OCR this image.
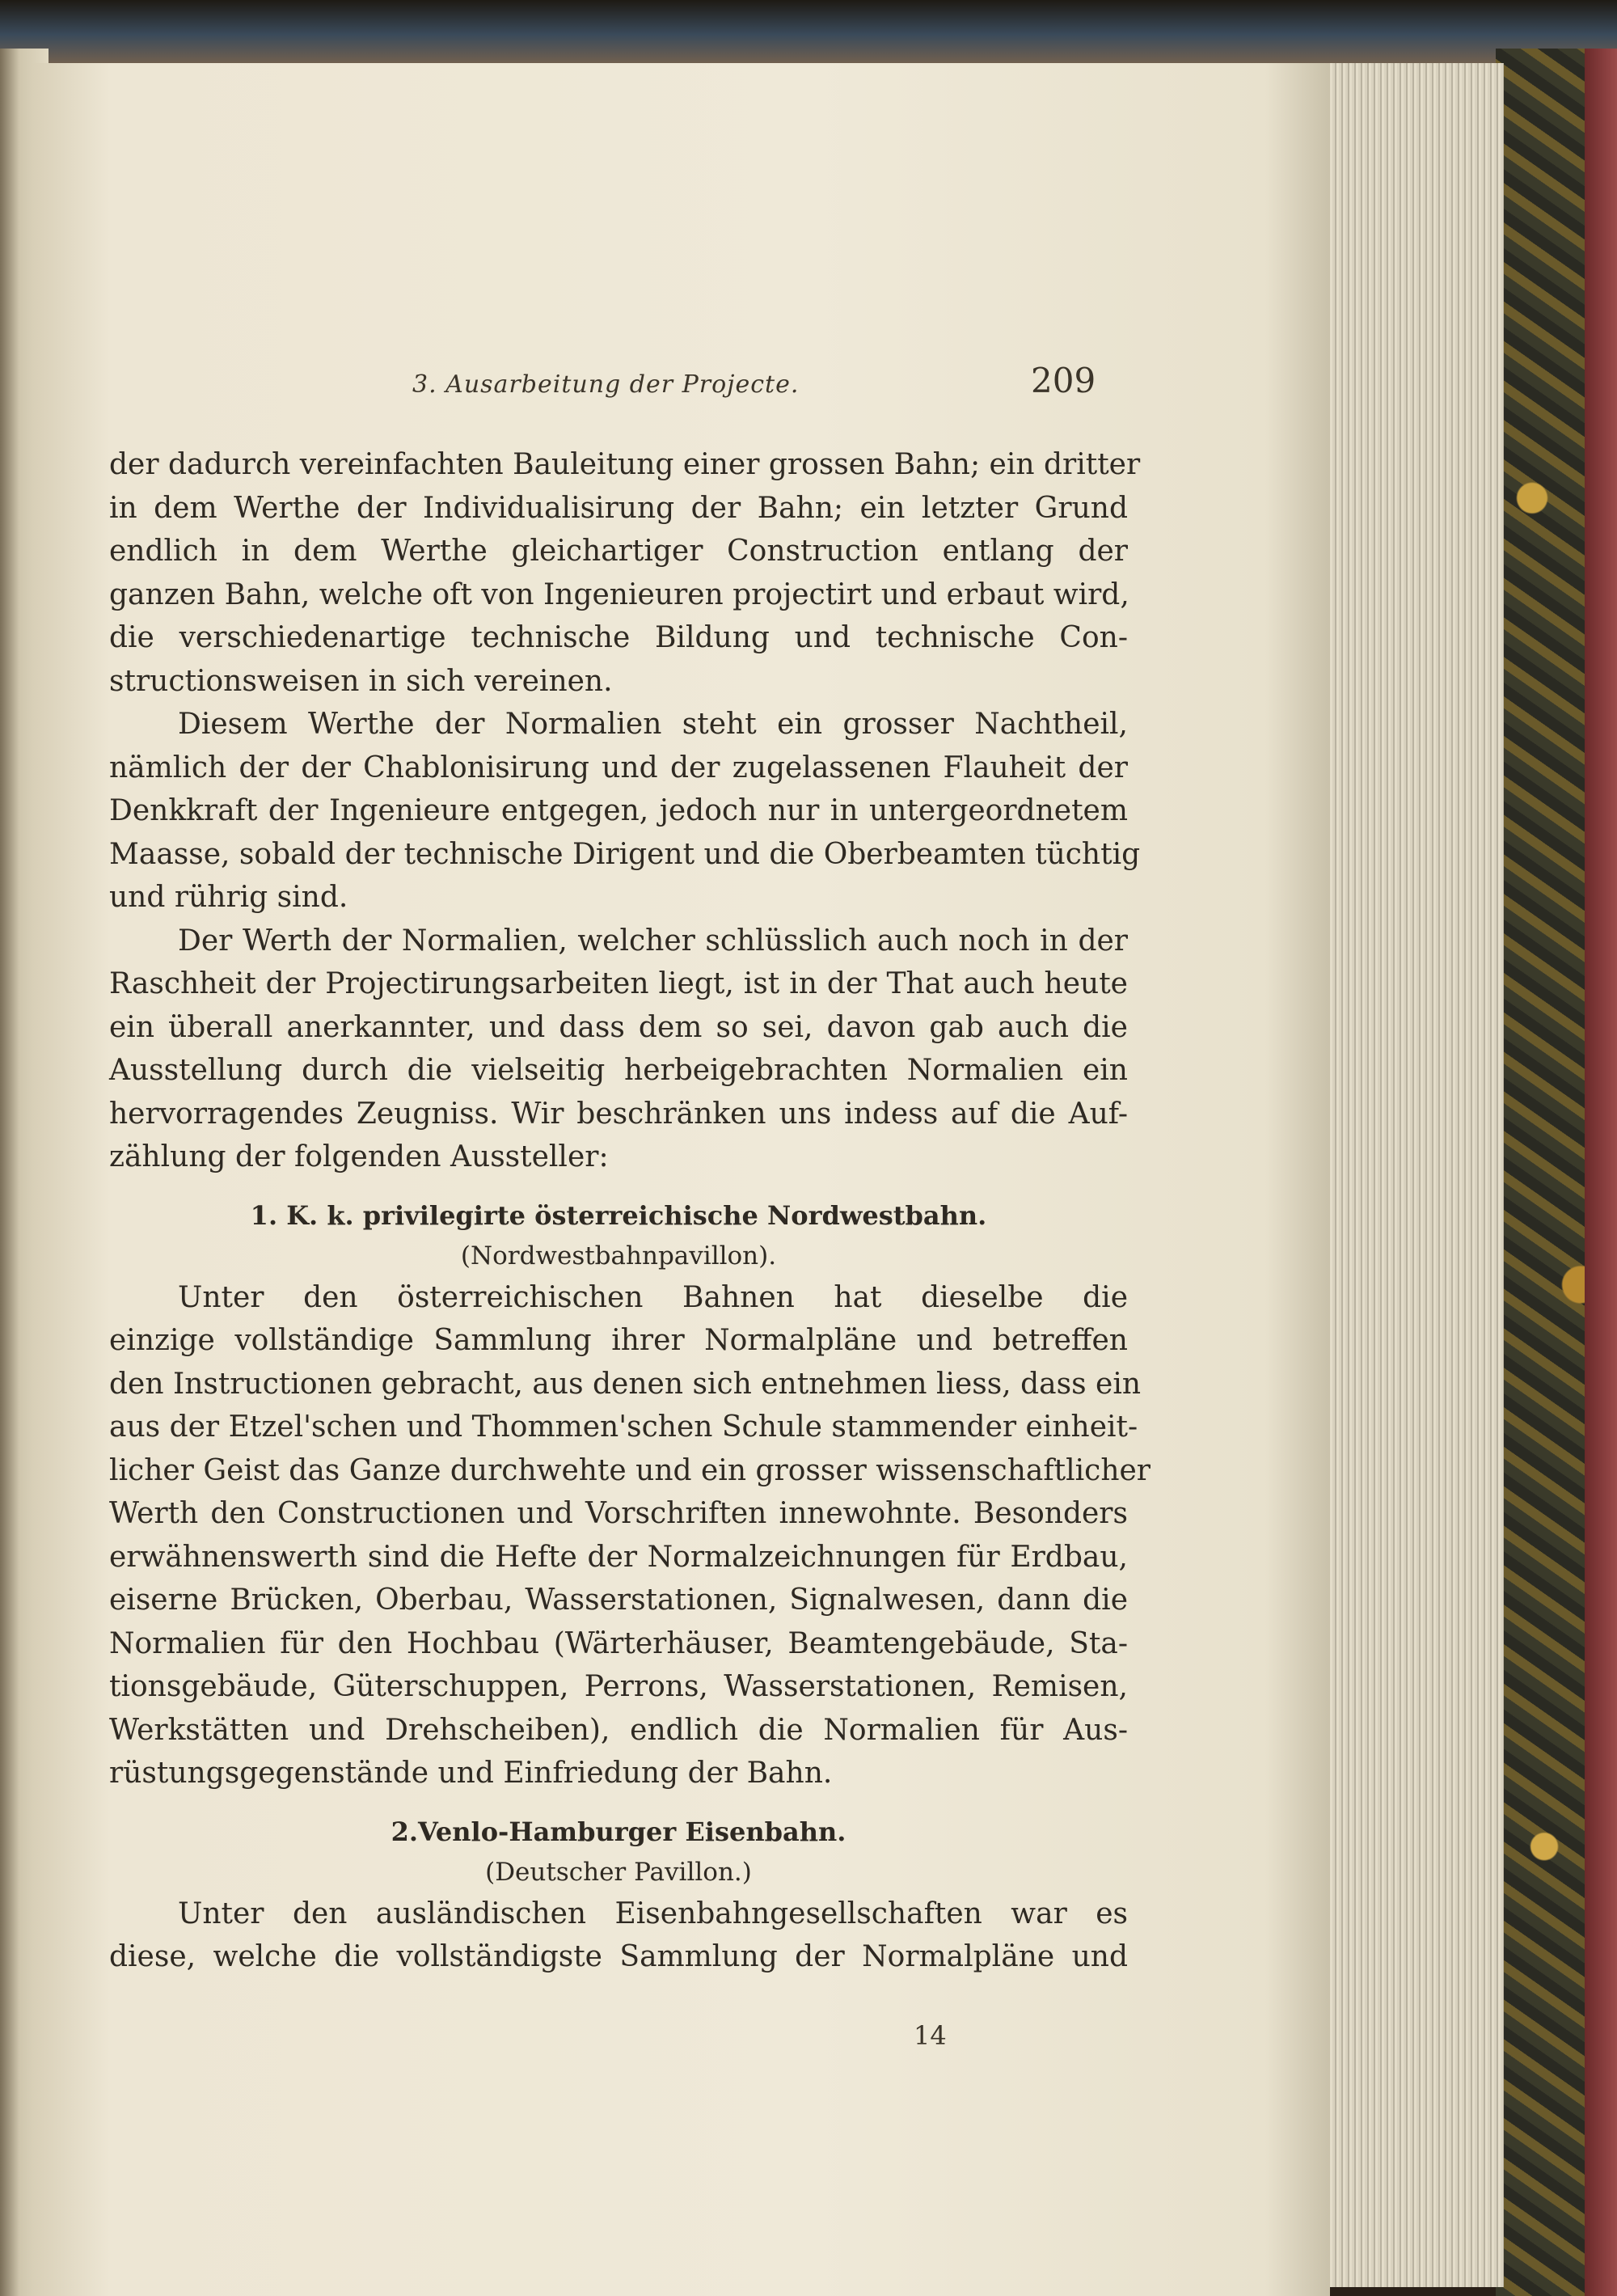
3. Ausarbeitung der Projecte.	209
der dadurch vereinfachten Bauleitung einer grossen Bahn; ein dritter
in dem Werthe der Individualisirung der Bahn; ein letzter Grund
endlich in dem Werthe gleichartiger Construction entlang der
ganzen Bahn, welche oft von Ingenieuren projectirt und erbaut wird,
die verschiedenartige technische Bildung und technische Con-
structionsweisen in sich vereinen.
Diesem Werthe der Normalien steht ein grosser Nachtheil,
nämlich der der Chablonisirung und der zugelassenen Flauheit der
Denkkraft der Ingenieure entgegen, jedoch nur in untergeordnetem
Maasse, sobald der technische Dirigent und die Oberbeamten tüchtig
und rührig sind.
Der Werth der Normalien, welcher schlüsslich auch noch in der
Raschheit der Projectirungsarbeiten liegt, ist in der That auch heute
ein überall anerkannter, und dass dem so sei, davon gab auch die
Ausstellung durch die vielseitig herbeigebrachten Normalien ein
hervorragendes Zeugniss. Wir beschränken uns indess auf die Auf-
zählung der folgenden Aussteller:
1. K. k. privilegirte österreichische Nordwestbahn.
(Nordwestbahnpavillon).
Unter den österreichischen Bahnen hat dieselbe die
einzige vollständige Sammlung ihrer Normalpläne und betreffen
den Instructionen gebracht, aus denen sich entnehmen liess, dass ein
aus der Etzel'schen und Thommen'schen Schule stammender einheit-
licher Geist das Ganze durchwehte und ein grosser wissenschaftlicher
Werth den Constructionen und Vorschriften innewohnte. Besonders
erwähnenswerth sind die Hefte der Normalzeichnungen für Erdbau,
eiserne Brücken, Oberbau, Wasserstationen, Signalwesen, dann die
Normalien für den Hochbau (Wärterhäuser, Beamtengebäude, Sta-
tionsgebäude, Güterschuppen, Perrons, Wasserstationen, Remisen,
Werkstätten und Drehscheiben), endlich die Normalien für Aus-
rüstungsgegenstände und Einfriedung der Bahn.
2.Venlo-Hamburger Eisenbahn.
(Deutscher Pavillon.)
Unter den ausländischen Eisenbahngesellschaften war es
diese, welche die vollständigste Sammlung der Normalpläne und
14
